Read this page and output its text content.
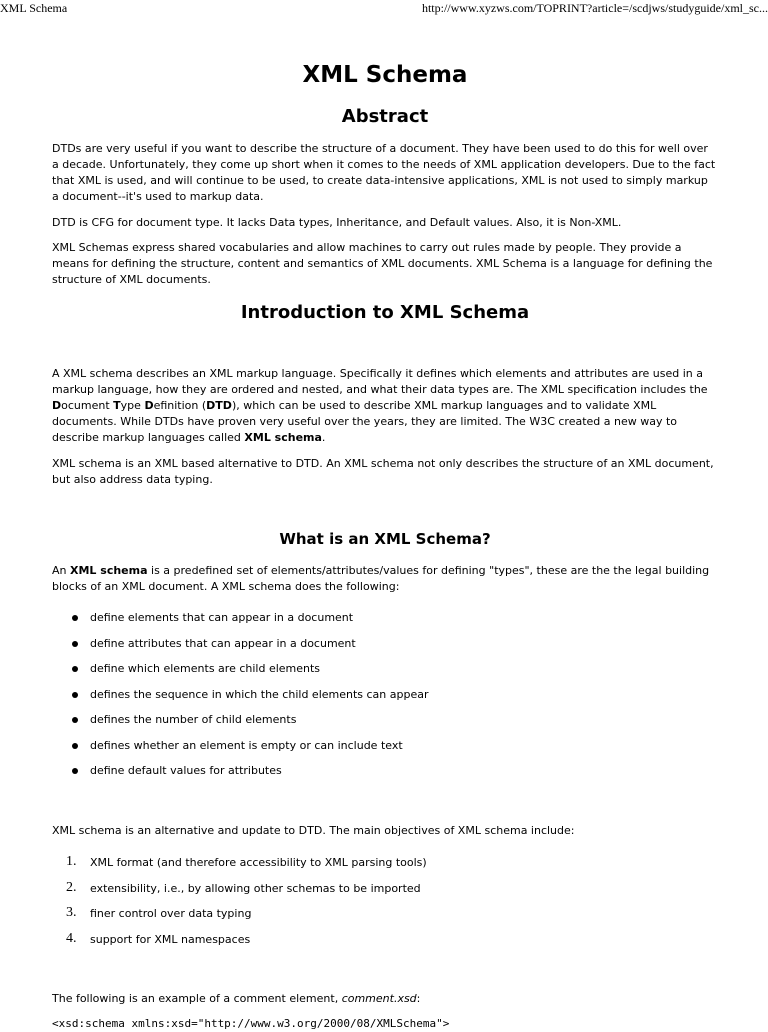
XML Schema	http://www.xyzws.com/TOPRINT?article=/scdjws/studyguide/xml_sc...
XML Schema
Abstract

DTDs are very useful if you want to describe the structure of a document. They have been used to do this for well over a decade. Unfortunately, they come up short when it comes to the needs of XML application developers. Due to the fact that XML is used, and will continue to be used, to create data-intensive applications, XML is not used to simply markup a document--it's used to markup data.

DTD is CFG for document type. It lacks Data types, Inheritance, and Default values. Also, it is Non-XML.

XML Schemas express shared vocabularies and allow machines to carry out rules made by people. They provide a means for defining the structure, content and semantics of XML documents. XML Schema is a language for defining the structure of XML documents.

Introduction to XML Schema

A XML schema describes an XML markup language. Specifically it defines which elements and attributes are used in a markup language, how they are ordered and nested, and what their data types are. The XML specification includes the Document Type Definition (DTD), which can be used to describe XML markup languages and to validate XML documents. While DTDs have proven very useful over the years, they are limited. The W3C created a new way to describe markup languages called XML schema.

XML schema is an XML based alternative to DTD. An XML schema not only describes the structure of an XML document, but also address data typing.

What is an XML Schema?

An XML schema is a predefined set of elements/attributes/values for defining "types", these are the the legal building blocks of an XML document. A XML schema does the following:

define elements that can appear in a document
define attributes that can appear in a document
define which elements are child elements
defines the sequence in which the child elements can appear
defines the number of child elements
defines whether an element is empty or can include text
define default values for attributes

XML schema is an alternative and update to DTD. The main objectives of XML schema include:

1. XML format (and therefore accessibility to XML parsing tools)
2. extensibility, i.e., by allowing other schemas to be imported
3. finer control over data typing
4. support for XML namespaces

The following is an example of a comment element, comment.xsd:

<xsd:schema xmlns:xsd="http://www.w3.org/2000/08/XMLSchema">
